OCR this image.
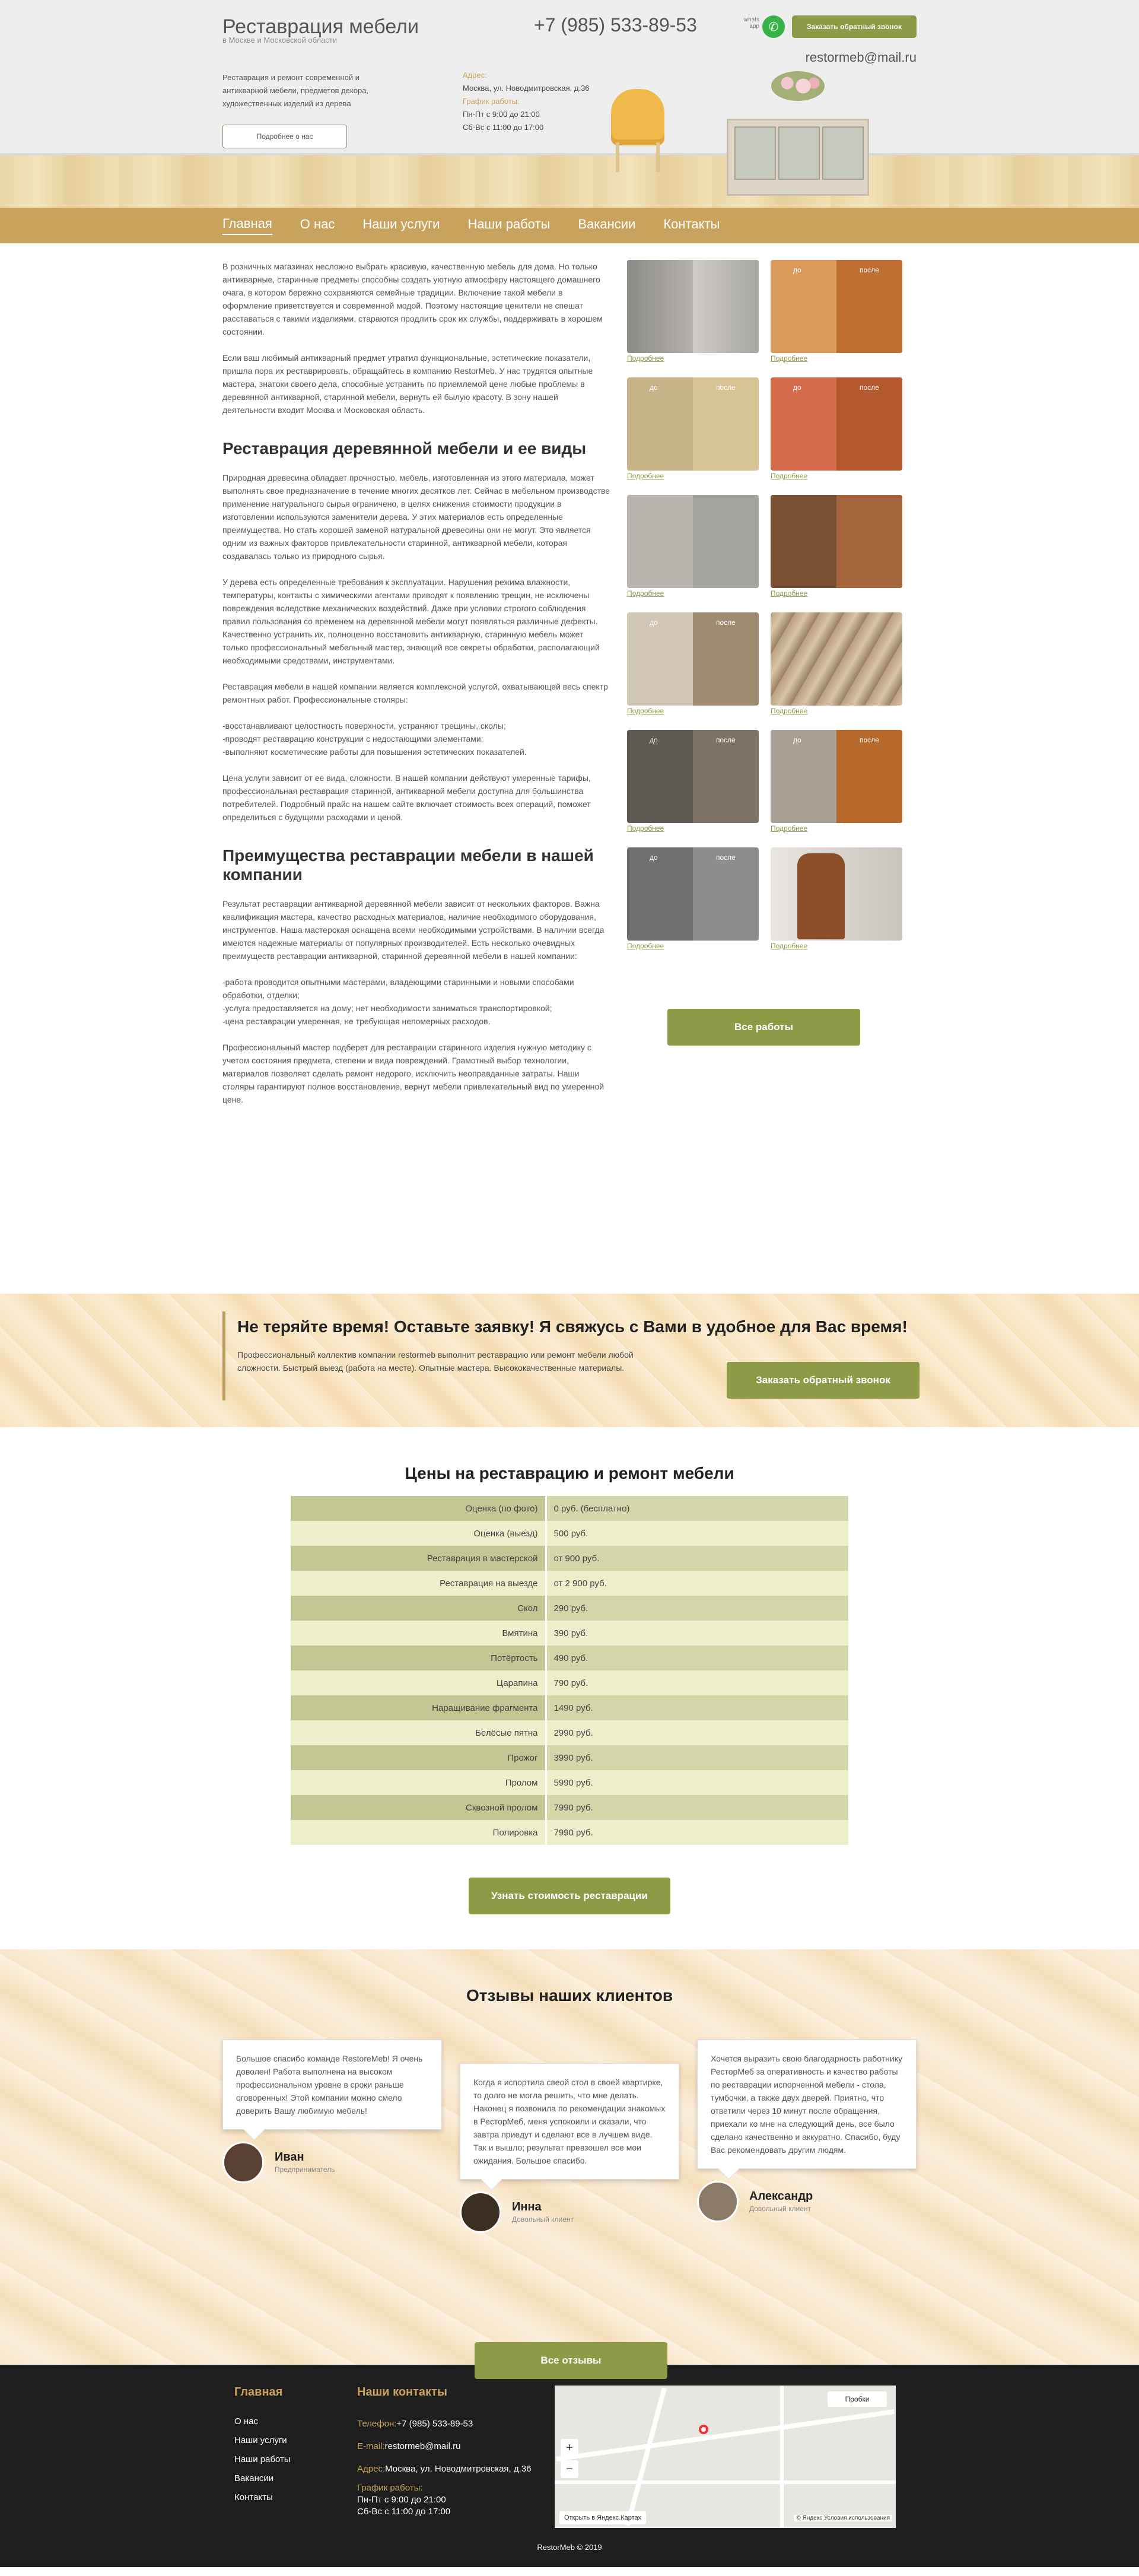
Реставрация мебели
в Москве и Московской области
Реставрация и ремонт современной и антикварной мебели, предметов декора, художественных изделий из дерева
Подробнее о нас
Адрес:
Москва, ул. Новодмитровская, д.36
График работы:
Пн-Пт с 9:00 до 21:00
Сб-Вс с 11:00 до 17:00
+7 (985) 533-89-53	whats app ✆	Заказать обратный звонок
restormeb@mail.ru
Главная О нас Наши услуги Наши работы Вакансии Контакты

В розничных магазинах несложно выбрать красивую, качественную мебель для дома. Но только антикварные, старинные предметы способны создать уютную атмосферу настоящего домашнего очага, в котором бережно сохраняются семейные традиции. Включение такой мебели в оформление приветствуется и современной модой. Поэтому настоящие ценители не спешат расставаться с такими изделиями, стараются продлить срок их службы, поддерживать в хорошем состоянии.

Если ваш любимый антикварный предмет утратил функциональные, эстетические показатели, пришла пора их реставрировать, обращайтесь в компанию RestorMeb. У нас трудятся опытные мастера, знатоки своего дела, способные устранить по приемлемой цене любые проблемы в деревянной антикварной, старинной мебели, вернуть ей былую красоту. В зону нашей деятельности входит Москва и Московская область.

Реставрация деревянной мебели и ее виды

Природная древесина обладает прочностью, мебель, изготовленная из этого материала, может выполнять свое предназначение в течение многих десятков лет. Сейчас в мебельном производстве применение натурального сырья ограничено, в целях снижения стоимости продукции в изготовлении используются заменители дерева. У этих материалов есть определенные преимущества. Но стать хорошей заменой натуральной древесины они не могут. Это является одним из важных факторов привлекательности старинной, антикварной мебели, которая создавалась только из природного сырья.

У дерева есть определенные требования к эксплуатации. Нарушения режима влажности, температуры, контакты с химическими агентами приводят к появлению трещин, не исключены повреждения вследствие механических воздействий. Даже при условии строгого соблюдения правил пользования со временем на деревянной мебели могут появляться различные дефекты. Качественно устранить их, полноценно восстановить антикварную, старинную мебель может только профессиональный мебельный мастер, знающий все секреты обработки, располагающий необходимыми средствами, инструментами.

Реставрация мебели в нашей компании является комплексной услугой, охватывающей весь спектр ремонтных работ. Профессиональные столяры:

-восстанавливают целостность поверхности, устраняют трещины, сколы;
-проводят реставрацию конструкции с недостающими элементами;

-выполняют косметические работы для повышения эстетических показателей.

Цена услуги зависит от ее вида, сложности. В нашей компании действуют умеренные тарифы, профессиональная реставрация старинной, антикварной мебели доступна для большинства потребителей. Подробный прайс на нашем сайте включает стоимость всех операций, поможет определиться с будущими расходами и ценой.

Преимущества реставрации мебели в нашей компании

Результат реставрации антикварной деревянной мебели зависит от нескольких факторов. Важна квалификация мастера, качество расходных материалов, наличие необходимого оборудования, инструментов. Наша мастерская оснащена всеми необходимыми устройствами. В наличии всегда имеются надежные материалы от популярных производителей. Есть несколько очевидных преимуществ реставрации антикварной, старинной деревянной мебели в нашей компании:

-работа проводится опытными мастерами, владеющими старинными и новыми способами обработки, отделки;
-услуга предоставляется на дому; нет необходимости заниматься транспортировкой;

-цена реставрации умеренная, не требующая непомерных расходов.

Профессиональный мастер подберет для реставрации старинного изделия нужную методику с учетом состояния предмета, степени и вида повреждений. Грамотный выбор технологии, материалов позволяет сделать ремонт недорого, исключить неоправданные затраты. Наши столяры гарантируют полное восстановление, вернут мебели привлекательный вид по умеренной цене.

Подробнее
до	после
Подробнее
до	после
Подробнее
до	после
Подробнее
Подробнее	Подробнее
до	после
Подробнее	Подробнее
до	после
Подробнее
до	после
Подробнее
до	после
Подробнее	Подробнее
Все работы
Не теряйте время! Оставьте заявку! Я свяжусь с Вами в удобное для Вас время!

Профессиональный коллектив компании restormeb выполнит реставрацию или ремонт мебели любой сложности. Быстрый выезд (работа на месте). Опытные мастера. Высококачественные материалы.

Заказать обратный звонок
Цены на реставрацию и ремонт мебели
Оценка (по фото)	0 руб. (бесплатно)
Оценка (выезд)	500 руб.
Реставрация в мастерской	от 900 руб.
Реставрация на выезде	от 2 900 руб.
Скол	290 руб.
Вмятина	390 руб.
Потёртость	490 руб.
Царапина	790 руб.
Наращивание фрагмента	1490 руб.
Белёсые пятна	2990 руб.
Прожог	3990 руб.
Пролом	5990 руб.
Сквозной пролом	7990 руб.
Полировка	7990 руб.
Узнать стоимость реставрации
Отзывы наших клиентов
Большое спасибо команде RestoreMeb! Я очень доволен! Работа выполнена на высоком профессиональном уровне в сроки раньше оговоренных! Этой компании можно смело доверить Вашу любимую мебель!
Иван
Предприниматель
Когда я испортила свеой стол в своей квартирке, то долго не могла решить, что мне делать. Наконец я позвонила по рекомендации знакомых в РесторМеб, меня успокоили и сказали, что завтра приедут и сделают все в лучшем виде. Так и вышло; результат превзошел все мои ожидания. Большое спасибо.
Инна
Довольный клиент
Хочется выразить свою благодарность работнику РесторМеб за оперативность и качество работы по реставрации испорченной мебели - стола, тумбочки, а также двух дверей. Приятно, что ответили через 10 минут после обращения, приехали ко мне на следующий день, все было сделано качественно и аккуратно. Спасибо, буду Вас рекомендовать другим людям.
Александр
Довольный клиент
Все отзывы
Главная
О нас
Наши услуги
Наши работы
Вакансии
Контакты
Наши контакты
Телефон:+7 (985) 533-89-53
E-mail:restormeb@mail.ru
Адрес:Москва, ул. Новодмитровская, д.36
График работы:
Пн-Пт с 9:00 до 21:00
Сб-Вс с 11:00 до 17:00
Пробки
+
−
Открыть в Яндекс.Картах	© Яндекс Условия использования
RestorMeb © 2019
